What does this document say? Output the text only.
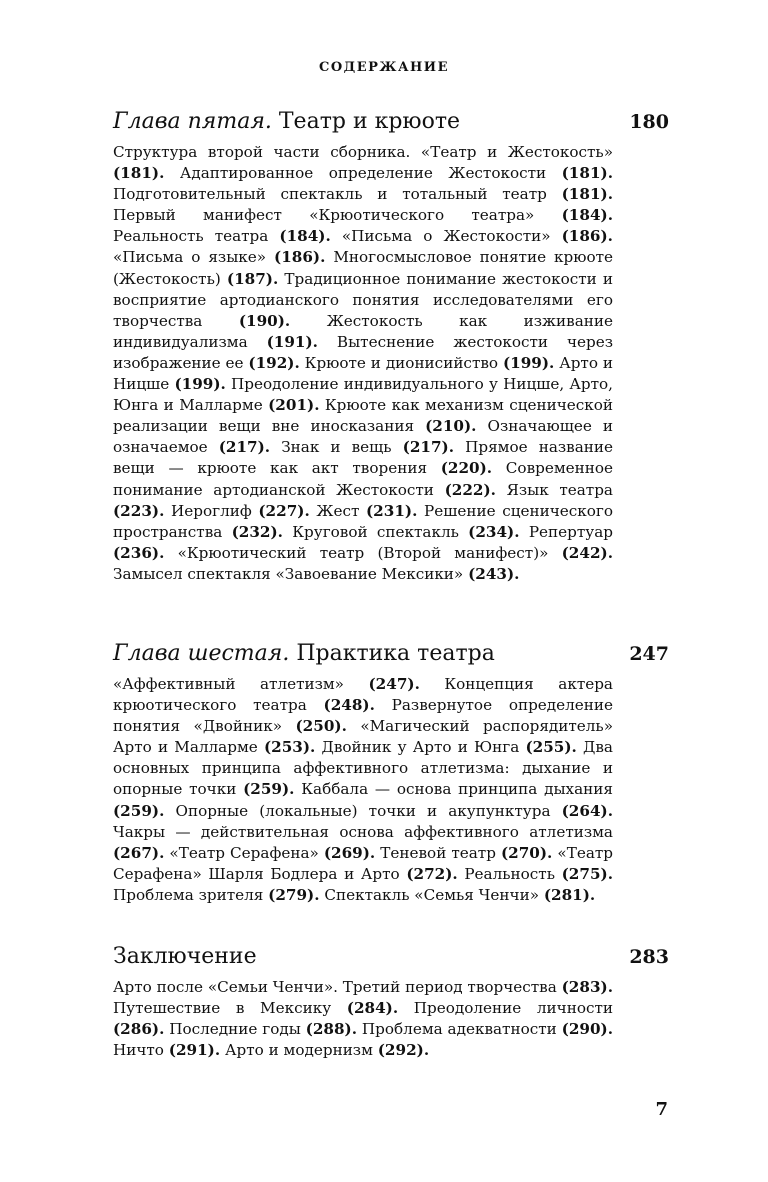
СОДЕРЖАНИЕ
Глава пятая. Театр и крюоте	180

Структура второй части сборника. «Театр и Жестокость» (181). Адаптированное определение Жестокости (181). Подготовительный спектакль и тотальный театр (181). Первый манифест «Крюотического театра» (184). Реальность театра (184). «Письма о Жестокости» (186). «Письма о языке» (186). Многосмысловое понятие крюоте (Жестокость) (187). Традиционное понимание жестокости и восприятие артодианского понятия исследователями его творчества (190). Жестокость как изживание индивидуализма (191). Вытеснение жестокости через изображение ее (192). Крюоте и дионисийство (199). Арто и Ницше (199). Преодоление индивидуального у Ницше, Арто, Юнга и Малларме (201). Крюоте как механизм сценической реализации вещи вне иносказания (210). Означающее и означаемое (217). Знак и вещь (217). Прямое название вещи — крюоте как акт творения (220). Современное понимание артодианской Жестокости (222). Язык театра (223). Иероглиф (227). Жест (231). Решение сценического пространства (232). Круговой спектакль (234). Репертуар (236). «Крюотический театр (Второй манифест)» (242). Замысел спектакля «Завоевание Мексики» (243).

Глава шестая. Практика театра	247

«Аффективный атлетизм» (247). Концепция актера крюотического театра (248). Развернутое определение понятия «Двойник» (250). «Магический распорядитель» Арто и Малларме (253). Двойник у Арто и Юнга (255). Два основных принципа аффективного атлетизма: дыхание и опорные точки (259). Каббала — основа принципа дыхания (259). Опорные (локальные) точки и акупунктура (264). Чакры — действительная основа аффективного атлетизма (267). «Театр Серафена» (269). Теневой театр (270). «Театр Серафена» Шарля Бодлера и Арто (272). Реальность (275). Проблема зрителя (279). Спектакль «Семья Ченчи» (281).

Заключение	283

Арто после «Семьи Ченчи». Третий период творчества (283). Путешествие в Мексику (284). Преодоление личности (286). Последние годы (288). Проблема адекватности (290). Ничто (291). Арто и модернизм (292).

7
